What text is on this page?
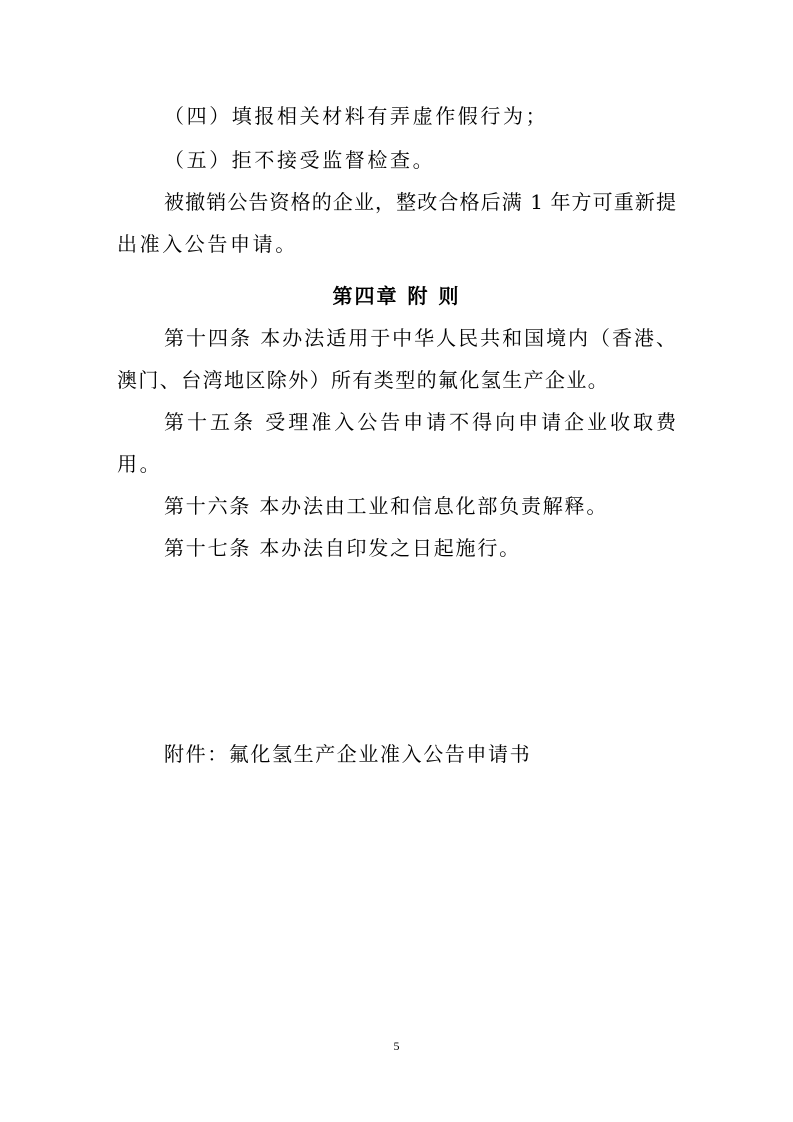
（四）填报相关材料有弄虚作假行为；
（五）拒不接受监督检查。
被撤销公告资格的企业，整改合格后满 1 年方可重新提
出准入公告申请。
第四章 附 则
第十四条 本办法适用于中华人民共和国境内（香港、
澳门、台湾地区除外）所有类型的氟化氢生产企业。
第十五条 受理准入公告申请不得向申请企业收取费
用。
第十六条 本办法由工业和信息化部负责解释。
第十七条 本办法自印发之日起施行。
附件：氟化氢生产企业准入公告申请书
5
